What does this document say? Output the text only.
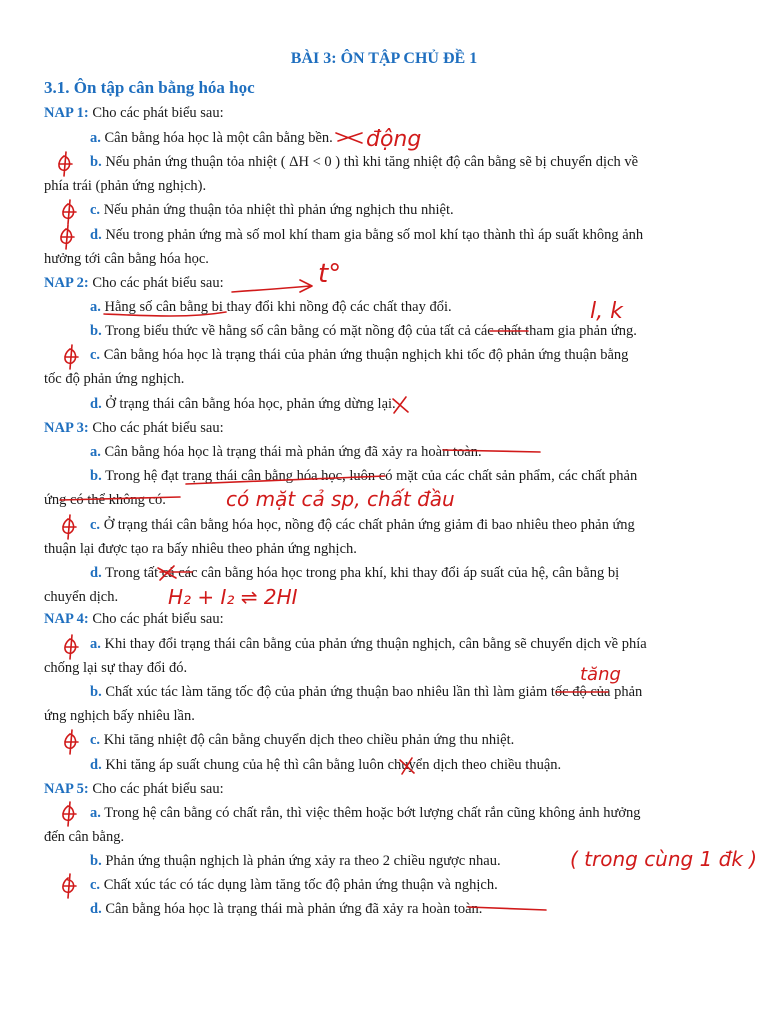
BÀI 3: ÔN TẬP CHỦ ĐỀ 1
3.1. Ôn tập cân bằng hóa học
NAP 1: Cho các phát biểu sau:
a. Cân bằng hóa học là một cân bằng bền.
b. Nếu phản ứng thuận tỏa nhiệt ( ΔH < 0 ) thì khi tăng nhiệt độ cân bằng sẽ bị chuyển dịch về
phía trái (phản ứng nghịch).
c. Nếu phản ứng thuận tỏa nhiệt thì phản ứng nghịch thu nhiệt.
d. Nếu trong phản ứng mà số mol khí tham gia bằng số mol khí tạo thành thì áp suất không ảnh
hưởng tới cân bằng hóa học.
NAP 2: Cho các phát biểu sau:
a. Hằng số cân bằng bị thay đổi khi nồng độ các chất thay đổi.
b. Trong biểu thức về hằng số cân bằng có mặt nồng độ của tất cả các chất tham gia phản ứng.
c. Cân bằng hóa học là trạng thái của phản ứng thuận nghịch khi tốc độ phản ứng thuận bằng
tốc độ phản ứng nghịch.
d. Ở trạng thái cân bằng hóa học, phản ứng dừng lại.
NAP 3: Cho các phát biểu sau:
a. Cân bằng hóa học là trạng thái mà phản ứng đã xảy ra hoàn toàn.
b. Trong hệ đạt trạng thái cân bằng hóa học, luôn có mặt của các chất sản phẩm, các chất phản
ứng có thể không có.
c. Ở trạng thái cân bằng hóa học, nồng độ các chất phản ứng giảm đi bao nhiêu theo phản ứng
thuận lại được tạo ra bấy nhiêu theo phản ứng nghịch.
d. Trong tất cả các cân bằng hóa học trong pha khí, khi thay đổi áp suất của hệ, cân bằng bị
chuyển dịch.
NAP 4: Cho các phát biểu sau:
a. Khi thay đổi trạng thái cân bằng của phản ứng thuận nghịch, cân bằng sẽ chuyển dịch về phía
chống lại sự thay đổi đó.
b. Chất xúc tác làm tăng tốc độ của phản ứng thuận bao nhiêu lần thì làm giảm tốc độ của phản
ứng nghịch bấy nhiêu lần.
c. Khi tăng nhiệt độ cân bằng chuyển dịch theo chiều phản ứng thu nhiệt.
d. Khi tăng áp suất chung của hệ thì cân bằng luôn chuyển dịch theo chiều thuận.
NAP 5: Cho các phát biểu sau:
a. Trong hệ cân bằng có chất rắn, thì việc thêm hoặc bớt lượng chất rắn cũng không ảnh hưởng
đến cân bằng.
b. Phản ứng thuận nghịch là phản ứng xảy ra theo 2 chiều ngược nhau.
c. Chất xúc tác có tác dụng làm tăng tốc độ phản ứng thuận và nghịch.
d. Cân bằng hóa học là trạng thái mà phản ứng đã xảy ra hoàn toàn.
động
t°
l, k
có mặt cả sp, chất đầu
H₂ + I₂ ⇌ 2HI
tăng
( trong cùng 1 đk )
